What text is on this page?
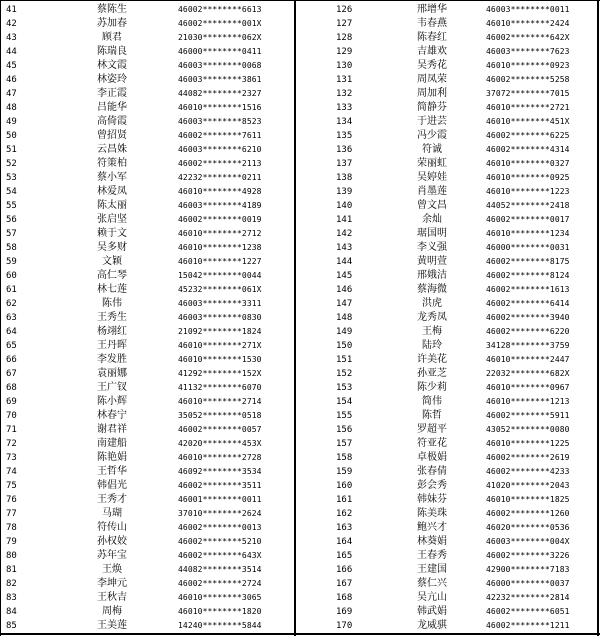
41	蔡陈生	46002********6613
42	苏加春	46002********001X
43	顾君	21030********062X
44	陈瑞良	46000********0411
45	林文霞	46003********0068
46	林姿玲	46003********3861
47	李正霞	44082********2327
48	吕能华	46010********1516
49	高倚霞	46003********8523
50	曾招贤	46002********7611
51	云昌姝	46003********6210
52	符策柏	46002********2113
53	蔡小军	42232********0211
54	林爱凤	46010********4928
55	陈太丽	46003********4189
56	张启坚	46002********0019
57	赖于文	46010********2712
58	吴多财	46010********1238
59	文颖	46010********1227
60	高仁琴	15042********0044
61	林七莲	45232********061X
62	陈伟	46003********3311
63	王秀生	46003********0830
64	杨翊红	21092********1824
65	王丹晖	46010********271X
66	李发胜	46010********1530
67	袁丽娜	41292********152X
68	王广钗	41132********6070
69	陈小辉	46010********2714
70	林春宁	35052********0518
71	谢君祥	46002********0057
72	南建船	42020********453X
73	陈艳娟	46010********2728
74	王哲华	46092********3534
75	韩倡光	46002********3511
76	王秀才	46001********0011
77	马瑚	37010********2624
78	符传山	46002********0013
79	孙权姣	46002********5210
80	苏年宝	46002********643X
81	王焕	44082********3514
82	李坤元	46002********2724
83	王秋吉	46010********3065
84	周梅	46010********1820
85	王美莲	14240********5844
126	邢增华	46003********0011
127	韦春燕	46010********2424
128	陈春红	46002********642X
129	吉雄欢	46003********7623
130	吴秀花	46010********0923
131	周凤荣	46002********5258
132	周加利	37072********7015
133	简静芬	46010********2721
134	于进芸	46010********451X
135	冯少霞	46002********6225
136	符诚	46002********4314
137	荣丽虹	46010********0327
138	吴婷娃	46010********0925
139	肖墨莲	46010********1223
140	曾文昌	44052********2418
141	余灿	46002********0017
142	琚国明	46010********1234
143	李义强	46000********0031
144	黄明萱	46002********8175
145	邢娥洁	46002********8124
146	蔡海微	46002********1613
147	洪虎	46002********6414
148	龙秀凤	46002********3940
149	王梅	46002********6220
150	陆玲	34128********3759
151	许美花	46010********2447
152	孙亚芝	22032********682X
153	陈少莉	46010********0967
154	简伟	46010********1213
155	陈哲	46002********5911
156	罗超平	43052********0080
157	符亚花	46010********1225
158	卓极娟	46002********2619
159	张春倩	46002********4233
160	彭会秀	41020********2043
161	韩妹芬	46010********1825
162	陈美珠	46002********1260
163	鲍兴才	46020********0536
164	林葵娟	46003********004X
165	王春秀	46002********3226
166	王建国	42900********7183
167	蔡仁兴	46000********0037
168	吴亢山	42232********2814
169	韩武娟	46002********6051
170	龙威骐	46002********1211
